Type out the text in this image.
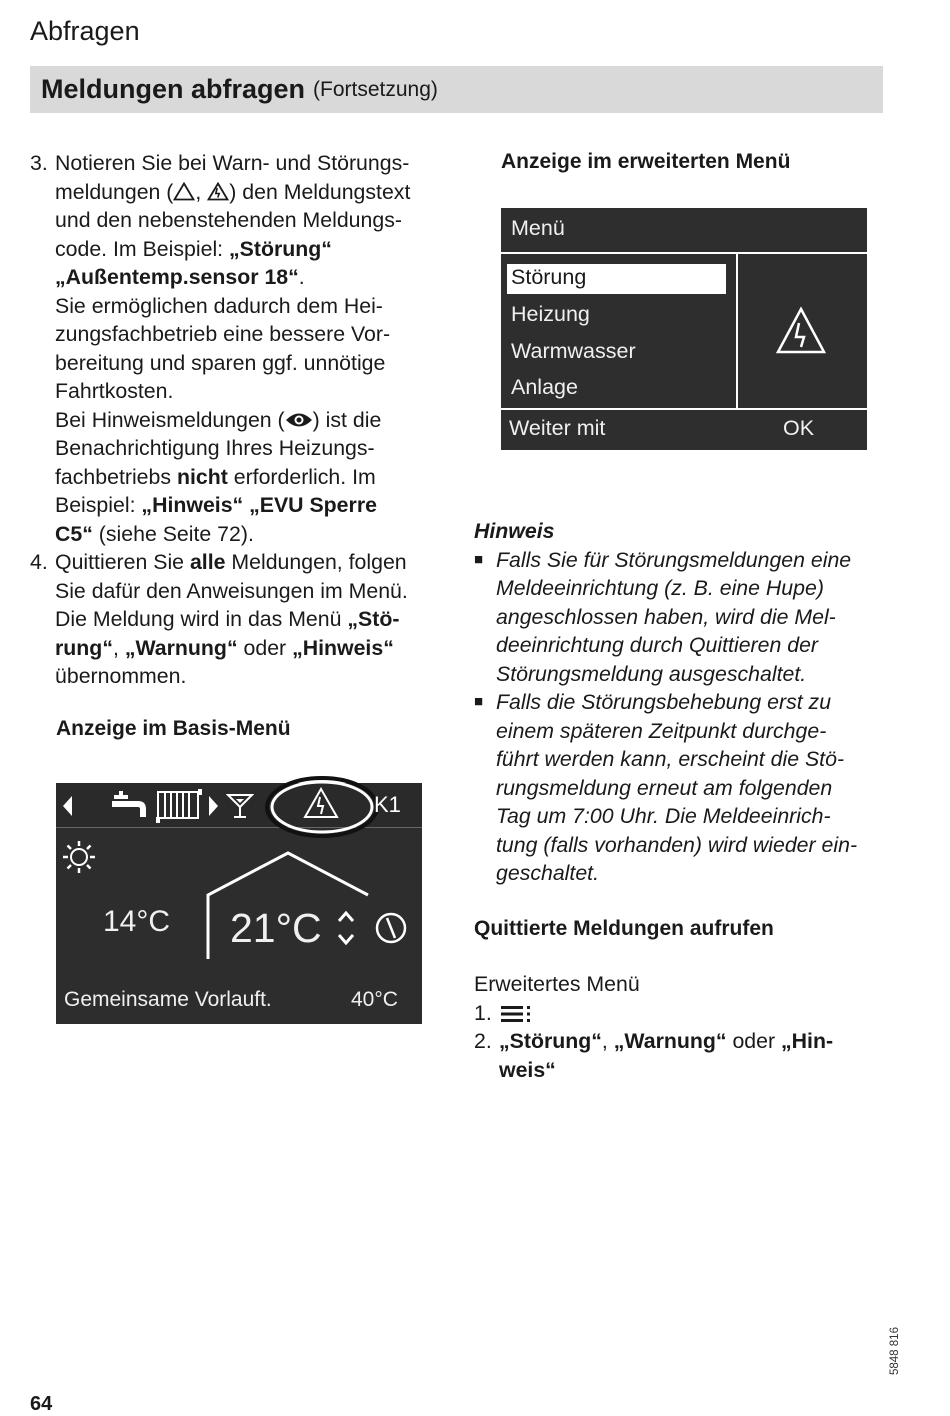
Abfragen
Meldungen abfragen (Fortsetzung)
3. Notieren Sie bei Warn- und Störungs-

meldungen ( , ) den Meldungstext

und den nebenstehenden Meldungs-

code. Im Beispiel: „Störung“

„Außentemp.sensor 18“.

Sie ermöglichen dadurch dem Hei-

zungsfachbetrieb eine bessere Vor-

bereitung und sparen ggf. unnötige

Fahrtkosten.

Bei Hinweismeldungen ( ) ist die

Benachrichtigung Ihres Heizungs-

fachbetriebs nicht erforderlich. Im

Beispiel: „Hinweis“ „EVU Sperre

C5“ (siehe Seite 72).

4. Quittieren Sie alle Meldungen, folgen

Sie dafür den Anweisungen im Menü.

Die Meldung wird in das Menü „Stö-

rung“, „Warnung“ oder „Hinweis“

übernommen.

Anzeige im Basis-Menü
K1
14°C 21°C
Gemeinsame Vorlauft.	40°C
Anzeige im erweiterten Menü
Menü
Störung
Heizung
Warmwasser
Anlage
Weiter mit	OK
Hinweis
■ Falls Sie für Störungsmeldungen eine
Meldeeinrichtung (z. B. eine Hupe)
angeschlossen haben, wird die Mel-
deeinrichtung durch Quittieren der
Störungsmeldung ausgeschaltet.

■ Falls die Störungsbehebung erst zu
einem späteren Zeitpunkt durchge-
führt werden kann, erscheint die Stö-
rungsmeldung erneut am folgenden
Tag um 7:00 Uhr. Die Meldeeinrich-
tung (falls vorhanden) wird wieder ein-
geschaltet.

Quittierte Meldungen aufrufen
Erweitertes Menü
1.
2. „Störung“, „Warnung“ oder „Hin-
weis“
64
5848 816
